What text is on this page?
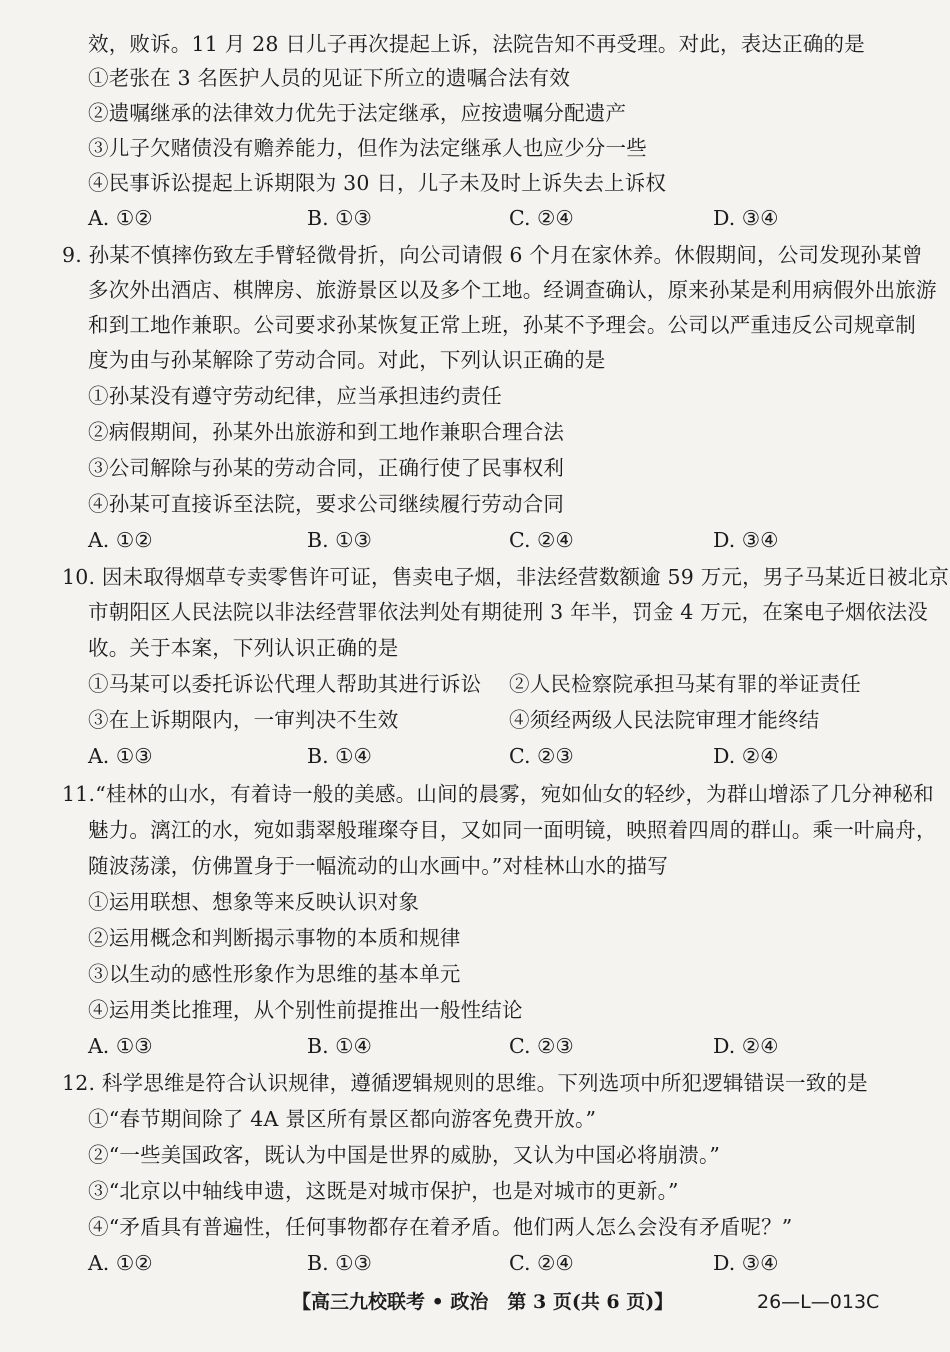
效，败诉。11 月 28 日儿子再次提起上诉，法院告知不再受理。对此，表达正确的是
①老张在 3 名医护人员的见证下所立的遗嘱合法有效
②遗嘱继承的法律效力优先于法定继承，应按遗嘱分配遗产
③儿子欠赌债没有赡养能力，但作为法定继承人也应少分一些
④民事诉讼提起上诉期限为 30 日，儿子未及时上诉失去上诉权
A. ①②	B. ①③	C. ②④	D. ③④
9. 孙某不慎摔伤致左手臂轻微骨折，向公司请假 6 个月在家休养。休假期间，公司发现孙某曾
多次外出酒店、棋牌房、旅游景区以及多个工地。经调查确认，原来孙某是利用病假外出旅游
和到工地作兼职。公司要求孙某恢复正常上班，孙某不予理会。公司以严重违反公司规章制
度为由与孙某解除了劳动合同。对此，下列认识正确的是
①孙某没有遵守劳动纪律，应当承担违约责任
②病假期间，孙某外出旅游和到工地作兼职合理合法
③公司解除与孙某的劳动合同，正确行使了民事权利
④孙某可直接诉至法院，要求公司继续履行劳动合同
A. ①②	B. ①③	C. ②④	D. ③④
10. 因未取得烟草专卖零售许可证，售卖电子烟，非法经营数额逾 59 万元，男子马某近日被北京
市朝阳区人民法院以非法经营罪依法判处有期徒刑 3 年半，罚金 4 万元，在案电子烟依法没
收。关于本案，下列认识正确的是
①马某可以委托诉讼代理人帮助其进行诉讼 ②人民检察院承担马某有罪的举证责任
③在上诉期限内，一审判决不生效	④须经两级人民法院审理才能终结
A. ①③	B. ①④	C. ②③	D. ②④
11.“桂林的山水，有着诗一般的美感。山间的晨雾，宛如仙女的轻纱，为群山增添了几分神秘和
魅力。漓江的水，宛如翡翠般璀璨夺目，又如同一面明镜，映照着四周的群山。乘一叶扁舟，
随波荡漾，仿佛置身于一幅流动的山水画中。”对桂林山水的描写
①运用联想、想象等来反映认识对象
②运用概念和判断揭示事物的本质和规律
③以生动的感性形象作为思维的基本单元
④运用类比推理，从个别性前提推出一般性结论
A. ①③	B. ①④	C. ②③	D. ②④
12. 科学思维是符合认识规律，遵循逻辑规则的思维。下列选项中所犯逻辑错误一致的是
①“春节期间除了 4A 景区所有景区都向游客免费开放。”
②“一些美国政客，既认为中国是世界的威胁，又认为中国必将崩溃。”
③“北京以中轴线申遗，这既是对城市保护，也是对城市的更新。”
④“矛盾具有普遍性，任何事物都存在着矛盾。他们两人怎么会没有矛盾呢？”
A. ①②	B. ①③	C. ②④	D. ③④
【高三九校联考 • 政治　第 3 页(共 6 页)】	26—L—013C
